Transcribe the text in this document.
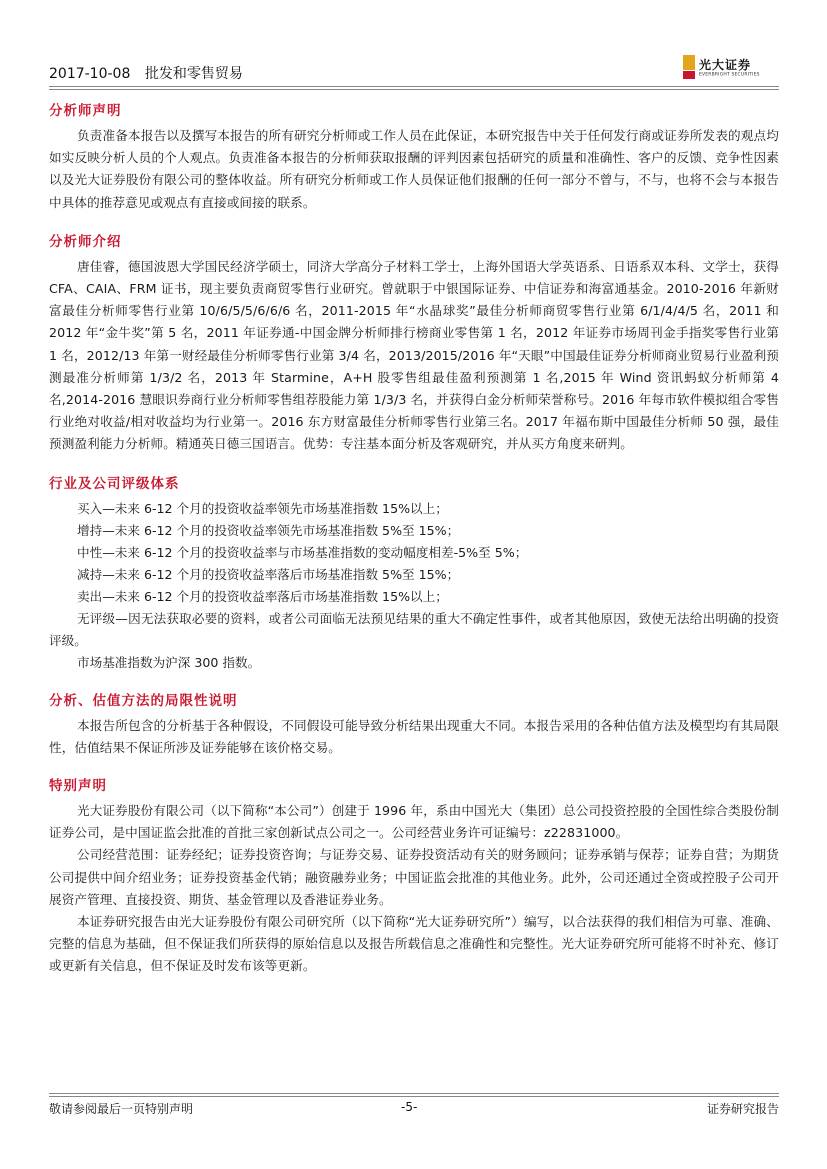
2017-10-08 批发和零售贸易
光大证券
EVERBRIGHT SECURITIES
分析师声明

负责准备本报告以及撰写本报告的所有研究分析师或工作人员在此保证，本研究报告中关于任何发行商或证券所发表的观点均如实反映分析人员的个人观点。负责准备本报告的分析师获取报酬的评判因素包括研究的质量和准确性、客户的反馈、竞争性因素以及光大证券股份有限公司的整体收益。所有研究分析师或工作人员保证他们报酬的任何一部分不曾与，不与，也将不会与本报告中具体的推荐意见或观点有直接或间接的联系。

分析师介绍

唐佳睿，德国波恩大学国民经济学硕士，同济大学高分子材料工学士，上海外国语大学英语系、日语系双本科、文学士，获得 CFA、CAIA、FRM 证书，现主要负责商贸零售行业研究。曾就职于中银国际证券、中信证券和海富通基金。2010-2016 年新财富最佳分析师零售行业第 10/6/5/5/6/6/6 名，2011-2015 年“水晶球奖”最佳分析师商贸零售行业第 6/1/4/4/5 名，2011 和 2012 年“金牛奖”第 5 名，2011 年证券通-中国金牌分析师排行榜商业零售第 1 名，2012 年证券市场周刊金手指奖零售行业第 1 名，2012/13 年第一财经最佳分析师零售行业第 3/4 名，2013/2015/2016 年“天眼”中国最佳证券分析师商业贸易行业盈利预测最准分析师第 1/3/2 名，2013 年 Starmine，A+H 股零售组最佳盈利预测第 1 名,2015 年 Wind 资讯蚂蚁分析师第 4 名,2014-2016 慧眼识券商行业分析师零售组荐股能力第 1/3/3 名，并获得白金分析师荣誉称号。2016 年每市软件模拟组合零售行业绝对收益/相对收益均为行业第一。2016 东方财富最佳分析师零售行业第三名。2017 年福布斯中国最佳分析师 50 强，最佳预测盈利能力分析师。精通英日德三国语言。优势：专注基本面分析及客观研究，并从买方角度来研判。

行业及公司评级体系

买入—未来 6-12 个月的投资收益率领先市场基准指数 15%以上；

增持—未来 6-12 个月的投资收益率领先市场基准指数 5%至 15%；

中性—未来 6-12 个月的投资收益率与市场基准指数的变动幅度相差-5%至 5%；

减持—未来 6-12 个月的投资收益率落后市场基准指数 5%至 15%；

卖出—未来 6-12 个月的投资收益率落后市场基准指数 15%以上；

无评级—因无法获取必要的资料，或者公司面临无法预见结果的重大不确定性事件，或者其他原因，致使无法给出明确的投资评级。

市场基准指数为沪深 300 指数。

分析、估值方法的局限性说明

本报告所包含的分析基于各种假设，不同假设可能导致分析结果出现重大不同。本报告采用的各种估值方法及模型均有其局限性，估值结果不保证所涉及证券能够在该价格交易。

特别声明

光大证券股份有限公司（以下简称“本公司”）创建于 1996 年，系由中国光大（集团）总公司投资控股的全国性综合类股份制证券公司，是中国证监会批准的首批三家创新试点公司之一。公司经营业务许可证编号：z22831000。

公司经营范围：证券经纪；证券投资咨询；与证券交易、证券投资活动有关的财务顾问；证券承销与保荐；证券自营；为期货公司提供中间介绍业务；证券投资基金代销；融资融券业务；中国证监会批准的其他业务。此外，公司还通过全资或控股子公司开展资产管理、直接投资、期货、基金管理以及香港证券业务。

本证券研究报告由光大证券股份有限公司研究所（以下简称“光大证券研究所”）编写，以合法获得的我们相信为可靠、准确、完整的信息为基础，但不保证我们所获得的原始信息以及报告所载信息之准确性和完整性。光大证券研究所可能将不时补充、修订或更新有关信息，但不保证及时发布该等更新。

敬请参阅最后一页特别声明	-5-	证券研究报告
